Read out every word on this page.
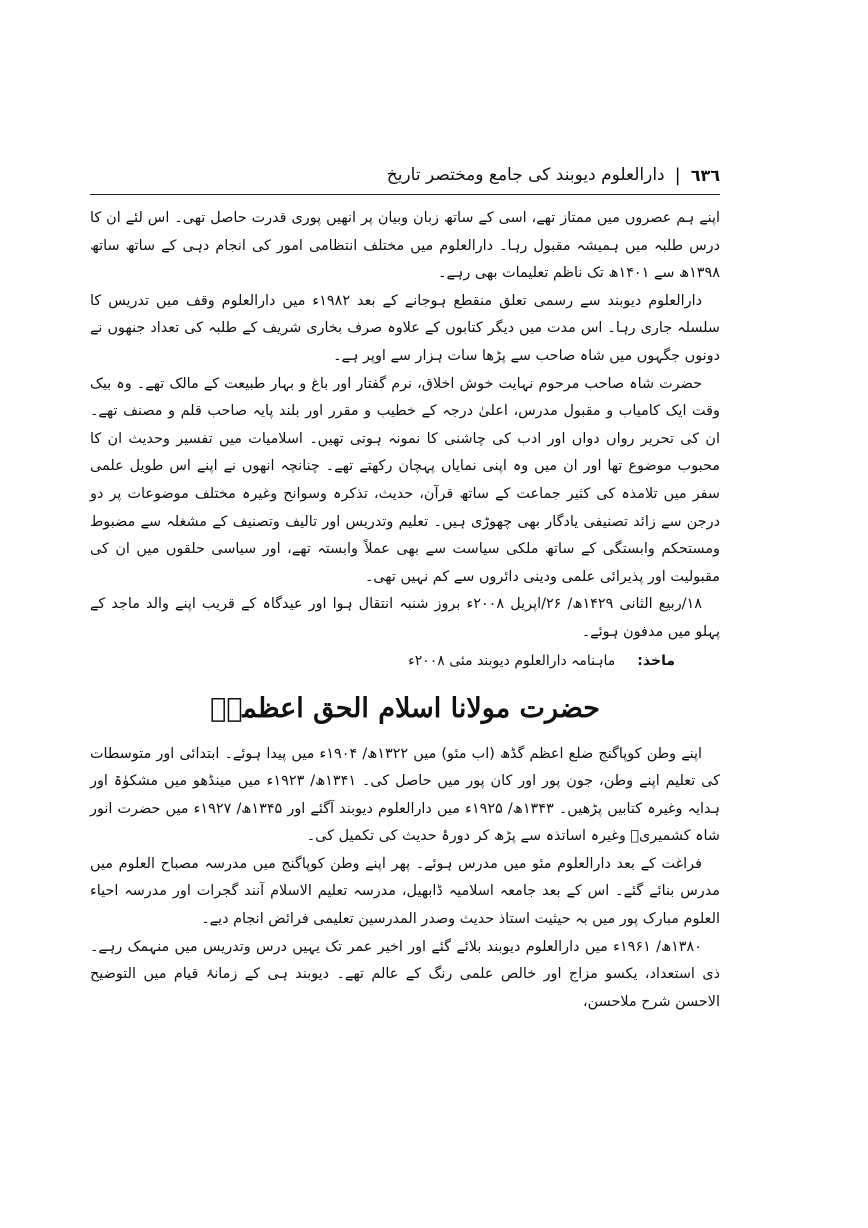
٦٣٦
|
دارالعلوم دیوبند کی جامع ومختصر تاریخ

اپنے ہم عصروں میں ممتاز تھے، اسی کے ساتھ زبان وبیان پر انھیں پوری قدرت حاصل تھی۔ اس لئے ان کا درس طلبہ میں ہمیشہ مقبول رہا۔ دارالعلوم میں مختلف انتظامی امور کی انجام دہی کے ساتھ ساتھ ۱۳۹۸ھ سے ۱۴۰۱ھ تک ناظم تعلیمات بھی رہے۔

دارالعلوم دیوبند سے رسمی تعلق منقطع ہوجانے کے بعد ۱۹۸۲ء میں دارالعلوم وقف میں تدریس کا سلسلہ جاری رہا۔ اس مدت میں دیگر کتابوں کے علاوہ صرف بخاری شریف کے طلبہ کی تعداد جنھوں نے دونوں جگہوں میں شاہ صاحب سے پڑھا سات ہزار سے اوپر ہے۔

حضرت شاہ صاحب مرحوم نہایت خوش اخلاق، نرم گفتار اور باغ و بہار طبیعت کے مالک تھے۔ وہ بیک وقت ایک کامیاب و مقبول مدرس، اعلیٰ درجہ کے خطیب و مقرر اور بلند پایہ صاحب قلم و مصنف تھے۔ ان کی تحریر رواں دواں اور ادب کی چاشنی کا نمونہ ہوتی تھیں۔ اسلامیات میں تفسیر وحدیث ان کا محبوب موضوع تھا اور ان میں وہ اپنی نمایاں پہچان رکھتے تھے۔ چنانچہ انھوں نے اپنے اس طویل علمی سفر میں تلامذہ کی کثیر جماعت کے ساتھ قرآن، حدیث، تذکرہ وسوانح وغیرہ مختلف موضوعات پر دو درجن سے زائد تصنیفی یادگار بھی چھوڑی ہیں۔ تعلیم وتدریس اور تالیف وتصنیف کے مشغلہ سے مضبوط ومستحکم وابستگی کے ساتھ ملکی سیاست سے بھی عملاً وابستہ تھے، اور سیاسی حلقوں میں ان کی مقبولیت اور پذیرائی علمی ودینی دائروں سے کم نہیں تھی۔

۱۸/ربیع الثانی ۱۴۲۹ھ/ ۲۶/اپریل ۲۰۰۸ء بروز شنبہ انتقال ہوا اور عیدگاہ کے قریب اپنے والد ماجد کے پہلو میں مدفون ہوئے۔

ماخذ:
ماہنامہ دارالعلوم دیوبند مئی ۲۰۰۸ء
حضرت مولانا اسلام الحق اعظمیؒ

اپنے وطن کوپاگنج ضلع اعظم گڈھ (اب مئو) میں ۱۳۲۲ھ/ ۱۹۰۴ء میں پیدا ہوئے۔ ابتدائی اور متوسطات کی تعلیم اپنے وطن، جون پور اور کان پور میں حاصل کی۔ ۱۳۴۱ھ/ ۱۹۲۳ء میں مینڈھو میں مشکوٰۃ اور ہدایہ وغیرہ کتابیں پڑھیں۔ ۱۳۴۳ھ/ ۱۹۲۵ء میں دارالعلوم دیوبند آگئے اور ۱۳۴۵ھ/ ۱۹۲۷ء میں حضرت انور شاہ کشمیریؒ وغیرہ اساتذہ سے پڑھ کر دورۂ حدیث کی تکمیل کی۔

فراغت کے بعد دارالعلوم مئو میں مدرس ہوئے۔ پھر اپنے وطن کوپاگنج میں مدرسہ مصباح العلوم میں مدرس بنائے گئے۔ اس کے بعد جامعہ اسلامیہ ڈابھیل، مدرسہ تعلیم الاسلام آنند گجرات اور مدرسہ احیاء العلوم مبارک پور میں بہ حیثیت استاذ حدیث وصدر المدرسین تعلیمی فرائض انجام دیے۔

۱۳۸۰ھ/ ۱۹۶۱ء میں دارالعلوم دیوبند بلائے گئے اور اخیر عمر تک یہیں درس وتدریس میں منہمک رہے۔ ذی استعداد، یکسو مزاج اور خالص علمی رنگ کے عالم تھے۔ دیوبند ہی کے زمانۂ قیام میں التوضیح الاحسن شرح ملاحسن،
